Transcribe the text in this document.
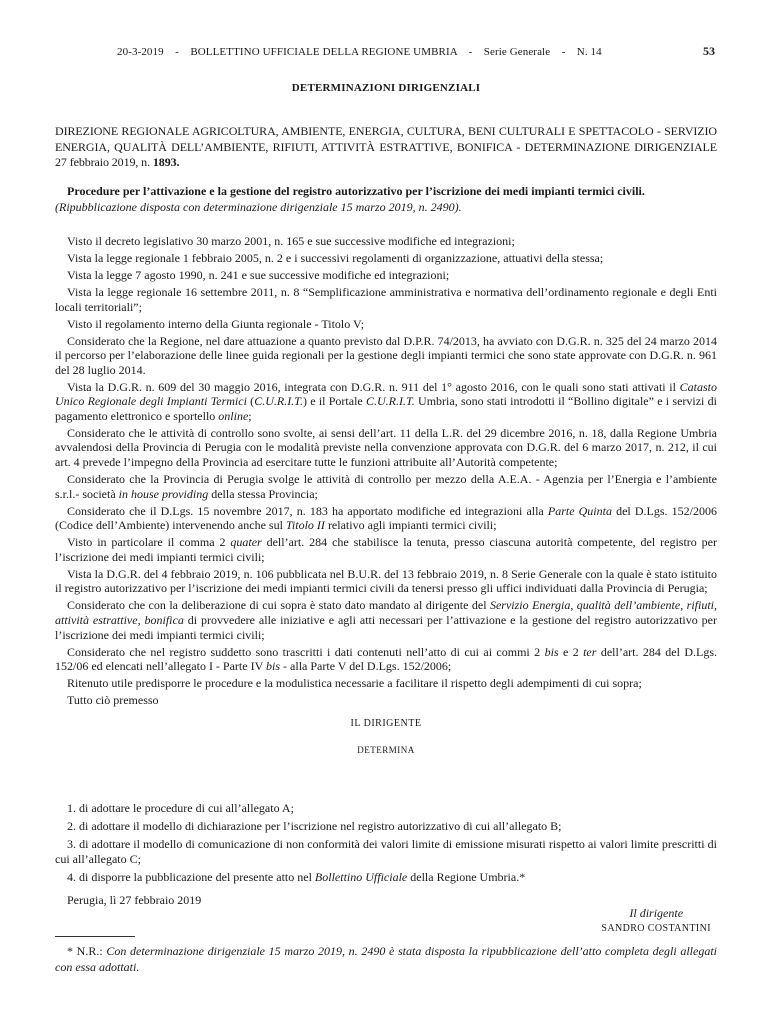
20-3-2019 - BOLLETTINO UFFICIALE DELLA REGIONE UMBRIA - Serie Generale - N. 14	53
DETERMINAZIONI DIRIGENZIALI
DIREZIONE REGIONALE AGRICOLTURA, AMBIENTE, ENERGIA, CULTURA, BENI CULTURALI E SPETTACOLO - SERVIZIO ENERGIA, QUALITÀ DELL’AMBIENTE, RIFIUTI, ATTIVITÀ ESTRATTIVE, BONIFICA - DETERMINAZIONE DIRIGENZIALE 27 febbraio 2019, n. 1893.
Procedure per l’attivazione e la gestione del registro autorizzativo per l’iscrizione dei medi impianti termici civili.
(Ripubblicazione disposta con determinazione dirigenziale 15 marzo 2019, n. 2490).

Visto il decreto legislativo 30 marzo 2001, n. 165 e sue successive modifiche ed integrazioni;

Vista la legge regionale 1 febbraio 2005, n. 2 e i successivi regolamenti di organizzazione, attuativi della stessa;

Vista la legge 7 agosto 1990, n. 241 e sue successive modifiche ed integrazioni;

Vista la legge regionale 16 settembre 2011, n. 8 “Semplificazione amministrativa e normativa dell’ordinamento regionale e degli Enti locali territoriali”;

Visto il regolamento interno della Giunta regionale - Titolo V;

Considerato che la Regione, nel dare attuazione a quanto previsto dal D.P.R. 74/2013, ha avviato con D.G.R. n. 325 del 24 marzo 2014 il percorso per l’elaborazione delle linee guida regionali per la gestione degli impianti termici che sono state approvate con D.G.R. n. 961 del 28 luglio 2014.

Vista la D.G.R. n. 609 del 30 maggio 2016, integrata con D.G.R. n. 911 del 1° agosto 2016, con le quali sono stati attivati il Catasto Unico Regionale degli Impianti Termici (C.U.R.I.T.) e il Portale C.U.R.I.T. Umbria, sono stati introdotti il “Bollino digitale” e i servizi di pagamento elettronico e sportello online;

Considerato che le attività di controllo sono svolte, ai sensi dell’art. 11 della L.R. del 29 dicembre 2016, n. 18, dalla Regione Umbria avvalendosi della Provincia di Perugia con le modalità previste nella convenzione approvata con D.G.R. del 6 marzo 2017, n. 212, il cui art. 4 prevede l’impegno della Provincia ad esercitare tutte le funzioni attribuite all’Autorità competente;

Considerato che la Provincia di Perugia svolge le attività di controllo per mezzo della A.E.A. - Agenzia per l’Energia e l’ambiente s.r.l.- società in house providing della stessa Provincia;

Considerato che il D.Lgs. 15 novembre 2017, n. 183 ha apportato modifiche ed integrazioni alla Parte Quinta del D.Lgs. 152/2006 (Codice dell’Ambiente) intervenendo anche sul Titolo II relativo agli impianti termici civili;

Visto in particolare il comma 2 quater dell’art. 284 che stabilisce la tenuta, presso ciascuna autorità competente, del registro per l’iscrizione dei medi impianti termici civili;

Vista la D.G.R. del 4 febbraio 2019, n. 106 pubblicata nel B.U.R. del 13 febbraio 2019, n. 8 Serie Generale con la quale è stato istituito il registro autorizzativo per l’iscrizione dei medi impianti termici civili da tenersi presso gli uffici individuati dalla Provincia di Perugia;

Considerato che con la deliberazione di cui sopra è stato dato mandato al dirigente del Servizio Energia, qualità dell’ambiente, rifiuti, attività estrattive, bonifica di provvedere alle iniziative e agli atti necessari per l’attivazione e la gestione del registro autorizzativo per l’iscrizione dei medi impianti termici civili;

Considerato che nel registro suddetto sono trascritti i dati contenuti nell’atto di cui ai commi 2 bis e 2 ter dell’art. 284 del D.Lgs. 152/06 ed elencati nell’allegato I - Parte IV bis - alla Parte V del D.Lgs. 152/2006;

Ritenuto utile predisporre le procedure e la modulistica necessarie a facilitare il rispetto degli adempimenti di cui sopra;

Tutto ciò premesso

IL DIRIGENTE

DETERMINA

1. di adottare le procedure di cui all’allegato A;

2. di adottare il modello di dichiarazione per l’iscrizione nel registro autorizzativo di cui all’allegato B;

3. di adottare il modello di comunicazione di non conformità dei valori limite di emissione misurati rispetto ai valori limite prescritti di cui all’allegato C;

4. di disporre la pubblicazione del presente atto nel Bollettino Ufficiale della Regione Umbria.*

Perugia, lì 27 febbraio 2019
Il dirigente
SANDRO COSTANTINI
* N.R.: Con determinazione dirigenziale 15 marzo 2019, n. 2490 è stata disposta la ripubblicazione dell’atto completa degli allegati con essa adottati.
